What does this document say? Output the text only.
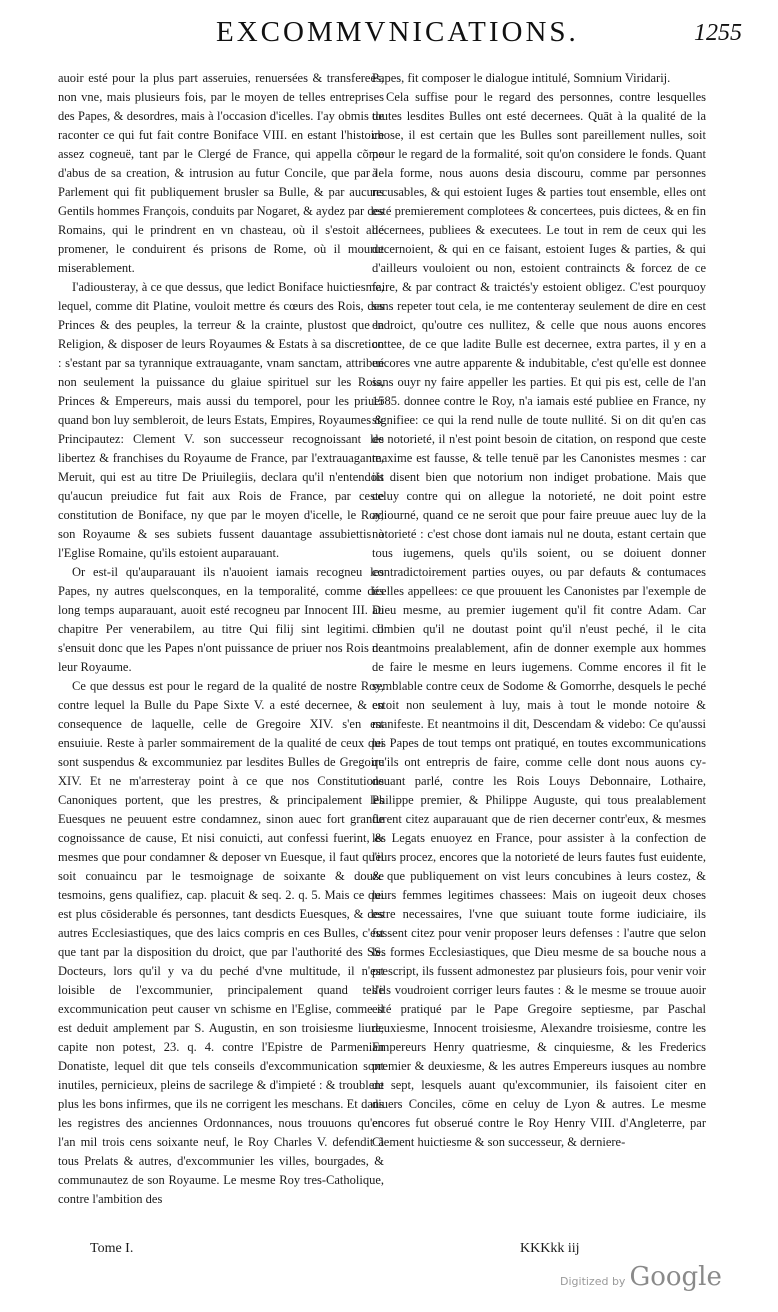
EXCOMMVNICATIONS.	1255

auoir esté pour la plus part asseruies, renuersées & transferees, non vne, mais plusieurs fois, par le moyen de telles entreprises des Papes, & desordres, mais à l'occasion d'icelles. I'ay obmis de raconter ce qui fut fait contre Boniface VIII. en estant l'histoire assez cogneuë, tant par le Clergé de France, qui appella cõme d'abus de sa creation, & intrusion au futur Concile, que par le Parlement qui fit publiquement brusler sa Bulle, & par aucuns Gentils hommes François, conduits par Nogaret, & aydez par des Romains, qui le prindrent en vn chasteau, où il s'estoit allé promener, le conduirent és prisons de Rome, où il mourut miserablement.

I'adiousteray, à ce que dessus, que ledict Boniface huictiesme, lequel, comme dit Platine, vouloit mettre és cœurs des Rois, des Princes & des peuples, la terreur & la crainte, plustost que la Religion, & disposer de leurs Royaumes & Estats à sa discretion : s'estant par sa tyrannique extrauagante, vnam sanctam, attribué non seulement la puissance du glaiue spirituel sur les Rois, Princes & Empereurs, mais aussi du temporel, pour les priuer quand bon luy sembleroit, de leurs Estats, Empires, Royaumes & Principautez: Clement V. son successeur recognoissant les libertez & franchises du Royaume de France, par l'extrauagante, Meruit, qui est au titre De Priuilegiis, declara qu'il n'entendoit qu'aucun preiudice fut fait aux Rois de France, par ceste constitution de Boniface, ny que par le moyen d'icelle, le Roy, son Royaume & ses subiets fussent dauantage assubiettis à l'Eglise Romaine, qu'ils estoient auparauant.

Or est-il qu'auparauant ils n'auoient iamais recogneu les Papes, ny autres quelsconques, en la temporalité, comme dés long temps auparauant, auoit esté recogneu par Innocent III. au chapitre Per venerabilem, au titre Qui filij sint legitimi. Il s'ensuit donc que les Papes n'ont puissance de priuer nos Rois de leur Royaume.

Ce que dessus est pour le regard de la qualité de nostre Roy, contre lequel la Bulle du Pape Sixte V. a esté decernee, & en consequence de laquelle, celle de Gregoire XIV. s'en est ensuiuie. Reste à parler sommairement de la qualité de ceux qui sont suspendus & excommuniez par lesdites Bulles de Gregoire XIV. Et ne m'arresteray point à ce que nos Constitutions Canoniques portent, que les prestres, & principalement les Euesques ne peuuent estre condamnez, sinon auec fort grande cognoissance de cause, Et nisi conuicti, aut confessi fuerint, & mesmes que pour condamner & deposer vn Euesque, il faut qu'il soit conuaincu par le tesmoignage de soixante & douze tesmoins, gens qualifiez, cap. placuit & seq. 2. q. 5. Mais ce qui est plus cōsiderable és personnes, tant desdicts Euesques, & des autres Ecclesiastiques, que des laics compris en ces Bulles, c'est que tant par la disposition du droict, que par l'authorité des SS. Docteurs, lors qu'il y va du peché d'vne multitude, il n'est loisible de l'excommunier, principalement quand telle excommunication peut causer vn schisme en l'Eglise, comme il est deduit amplement par S. Augustin, en son troisiesme liure, capite non potest, 23. q. 4. contre l'Epistre de Parmenian Donatiste, lequel dit que tels conseils d'excommunication sont inutiles, pernicieux, pleins de sacrilege & d'impieté : & troublent plus les bons infirmes, que ils ne corrigent les meschans. Et dans les registres des anciennes Ordonnances, nous trouuons qu'en l'an mil trois cens soixante neuf, le Roy Charles V. defendit à tous Prelats & autres, d'excommunier les villes, bourgades, & communautez de son Royaume. Le mesme Roy tres-Catholique, contre l'ambition des

Papes, fit composer le dialogue intitulé, Somnium Viridarij.

Cela suffise pour le regard des personnes, contre lesquelles toutes lesdites Bulles ont esté decernees. Quāt à la qualité de la chose, il est certain que les Bulles sont pareillement nulles, soit pour le regard de la formalité, soit qu'on considere le fonds. Quant à la forme, nous auons desia discouru, comme par personnes recusables, & qui estoient Iuges & parties tout ensemble, elles ont esté premierement complotees & concertees, puis dictees, & en fin decernees, publiees & executees. Le tout in rem de ceux qui les decernoient, & qui en ce faisant, estoient Iuges & parties, & qui d'ailleurs vouloient ou non, estoient contraincts & forcez de ce faire, & par contract & traictés'y estoient obligez. C'est pourquoy sans repeter tout cela, ie me contenteray seulement de dire en cest endroict, qu'outre ces nullitez, & celle que nous auons encores cottee, de ce que ladite Bulle est decernee, extra partes, il y en a encores vne autre apparente & indubitable, c'est qu'elle est donnee sans ouyr ny faire appeller les parties. Et qui pis est, celle de l'an 1585. donnee contre le Roy, n'a iamais esté publiee en France, ny signifiee: ce qui la rend nulle de toute nullité. Si on dit qu'en cas de notorieté, il n'est point besoin de citation, on respond que ceste maxime est fausse, & telle tenuë par les Canonistes mesmes : car ils disent bien que notorium non indiget probatione. Mais que celuy contre qui on allegue la notorieté, ne doit point estre adiourné, quand ce ne seroit que pour faire preuue auec luy de la notorieté : c'est chose dont iamais nul ne douta, estant certain que tous iugemens, quels qu'ils soient, ou se doiuent donner contradictoirement parties ouyes, ou par defauts & contumaces icelles appellees: ce que prouuent les Canonistes par l'exemple de Dieu mesme, au premier iugement qu'il fit contre Adam. Car combien qu'il ne doutast point qu'il n'eust peché, il le cita neantmoins prealablement, afin de donner exemple aux hommes de faire le mesme en leurs iugemens. Comme encores il fit le semblable contre ceux de Sodome & Gomorrhe, desquels le peché estoit non seulement à luy, mais à tout le monde notoire & manifeste. Et neantmoins il dit, Descendam & videbo: Ce qu'aussi les Papes de tout temps ont pratiqué, en toutes excommunications qu'ils ont entrepris de faire, comme celle dont nous auons cy-deuant parlé, contre les Rois Louys Debonnaire, Lothaire, Philippe premier, & Philippe Auguste, qui tous prealablement furent citez auparauant que de rien decerner contr'eux, & mesmes les Legats enuoyez en France, pour assister à la confection de leurs procez, encores que la notorieté de leurs fautes fust euidente, & que publiquement on vist leurs concubines à leurs costez, & leurs femmes legitimes chassees: Mais on iugeoit deux choses estre necessaires, l'vne que suiuant toute forme iudiciaire, ils fussent citez pour venir proposer leurs defenses : l'autre que selon les formes Ecclesiastiques, que Dieu mesme de sa bouche nous a prescript, ils fussent admonestez par plusieurs fois, pour venir voir s'ils voudroient corriger leurs fautes : & le mesme se trouue auoir esté pratiqué par le Pape Gregoire septiesme, par Paschal deuxiesme, Innocent troisiesme, Alexandre troisiesme, contre les Empereurs Henry quatriesme, & cinquiesme, & les Frederics premier & deuxiesme, & les autres Empereurs iusques au nombre de sept, lesquels auant qu'excommunier, ils faisoient citer en diuers Conciles, cōme en celuy de Lyon & autres. Le mesme encores fut obserué contre le Roy Henry VIII. d'Angleterre, par Clement huictiesme & son successeur, & derniere-

Tome I.	KKKkk iij
Digitized by Google
